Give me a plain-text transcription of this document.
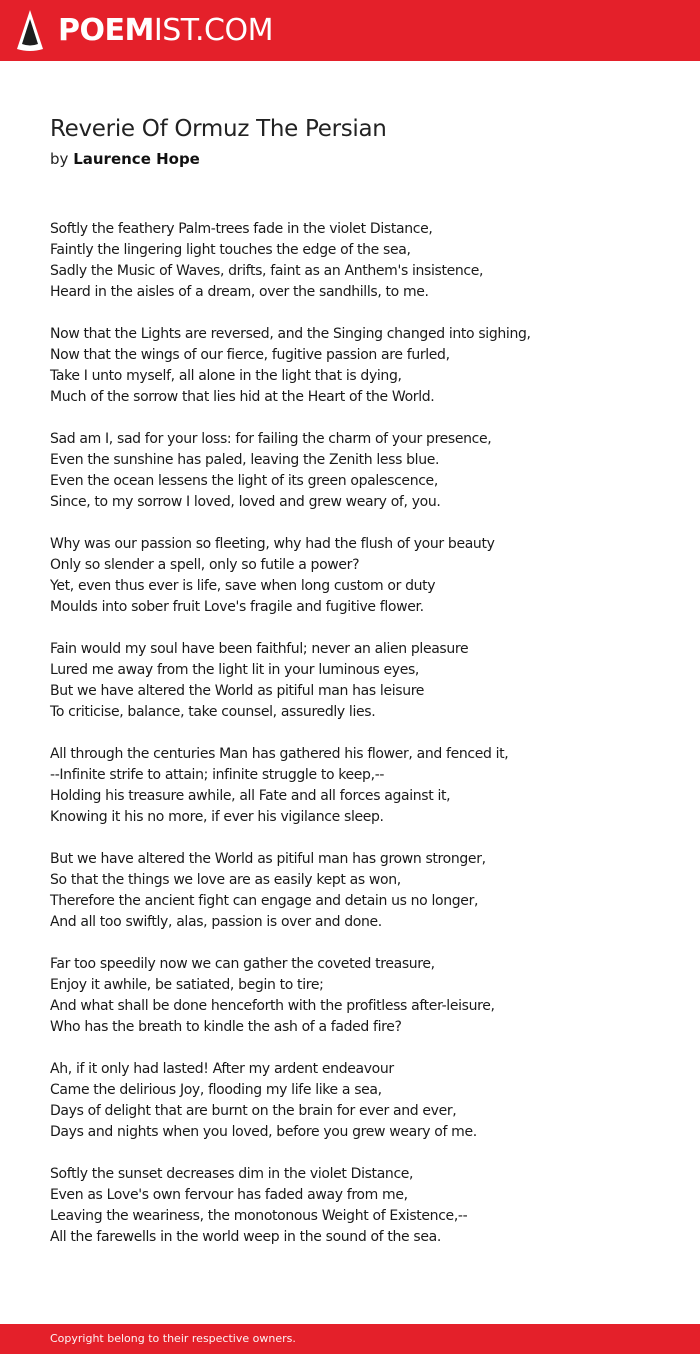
POEMIST.COM
Reverie Of Ormuz The Persian
by Laurence Hope
Softly the feathery Palm-trees fade in the violet Distance,
Faintly the lingering light touches the edge of the sea,
Sadly the Music of Waves, drifts, faint as an Anthem's insistence,
Heard in the aisles of a dream, over the sandhills, to me.
Now that the Lights are reversed, and the Singing changed into sighing,
Now that the wings of our fierce, fugitive passion are furled,
Take I unto myself, all alone in the light that is dying,
Much of the sorrow that lies hid at the Heart of the World.
Sad am I, sad for your loss: for failing the charm of your presence,
Even the sunshine has paled, leaving the Zenith less blue.
Even the ocean lessens the light of its green opalescence,
Since, to my sorrow I loved, loved and grew weary of, you.
Why was our passion so fleeting, why had the flush of your beauty
Only so slender a spell, only so futile a power?
Yet, even thus ever is life, save when long custom or duty
Moulds into sober fruit Love's fragile and fugitive flower.
Fain would my soul have been faithful; never an alien pleasure
Lured me away from the light lit in your luminous eyes,
But we have altered the World as pitiful man has leisure
To criticise, balance, take counsel, assuredly lies.
All through the centuries Man has gathered his flower, and fenced it,
--Infinite strife to attain; infinite struggle to keep,--
Holding his treasure awhile, all Fate and all forces against it,
Knowing it his no more, if ever his vigilance sleep.
But we have altered the World as pitiful man has grown stronger,
So that the things we love are as easily kept as won,
Therefore the ancient fight can engage and detain us no longer,
And all too swiftly, alas, passion is over and done.
Far too speedily now we can gather the coveted treasure,
Enjoy it awhile, be satiated, begin to tire;
And what shall be done henceforth with the profitless after-leisure,
Who has the breath to kindle the ash of a faded fire?
Ah, if it only had lasted! After my ardent endeavour
Came the delirious Joy, flooding my life like a sea,
Days of delight that are burnt on the brain for ever and ever,
Days and nights when you loved, before you grew weary of me.
Softly the sunset decreases dim in the violet Distance,
Even as Love's own fervour has faded away from me,
Leaving the weariness, the monotonous Weight of Existence,--
All the farewells in the world weep in the sound of the sea.
Copyright belong to their respective owners.
